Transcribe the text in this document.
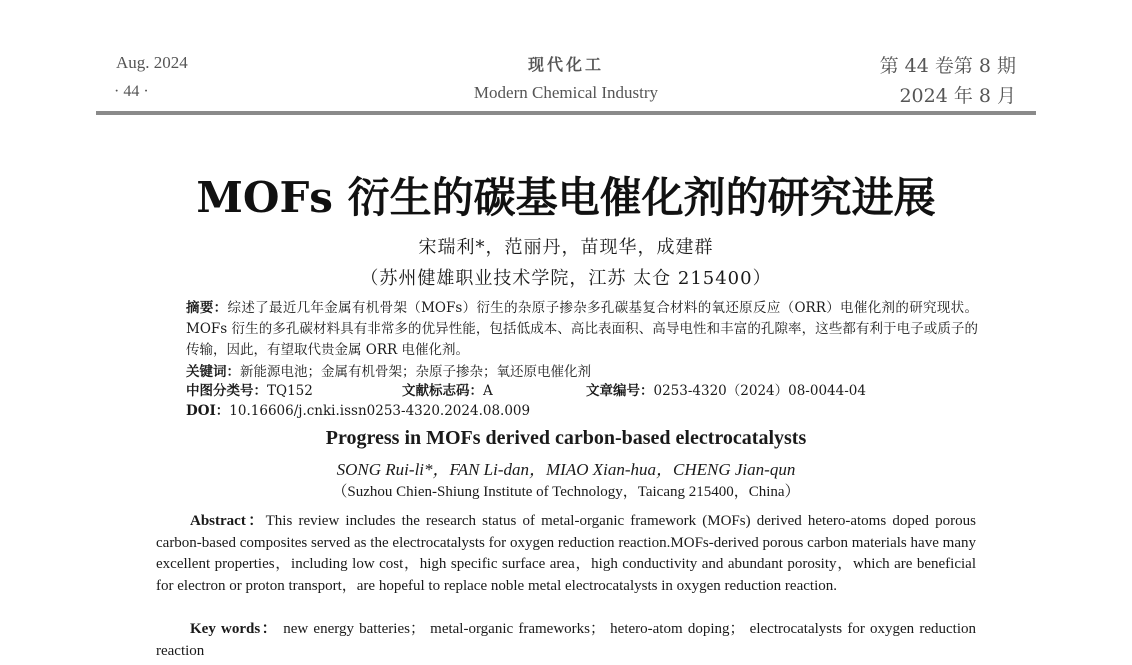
Aug. 2024
· 44 ·
现代化工
Modern Chemical Industry
第 44 卷第 8 期
2024 年 8 月
MOFs 衍生的碳基电催化剂的研究进展
宋瑞利*，范丽丹，苗现华，成建群
（苏州健雄职业技术学院，江苏 太仓 215400）
摘要：综述了最近几年金属有机骨架（MOFs）衍生的杂原子掺杂多孔碳基复合材料的氧还原反应（ORR）电催化剂的研究现状。MOFs 衍生的多孔碳材料具有非常多的优异性能，包括低成本、高比表面积、高导电性和丰富的孔隙率，这些都有利于电子或质子的传输，因此，有望取代贵金属 ORR 电催化剂。
关键词：新能源电池；金属有机骨架；杂原子掺杂；氧还原电催化剂
中图分类号：TQ152	文献标志码：A	文章编号：0253-4320（2024）08-0044-04
DOI：10.16606/j.cnki.issn0253-4320.2024.08.009
Progress in MOFs derived carbon-based electrocatalysts
SONG Rui-li*，FAN Li-dan，MIAO Xian-hua，CHENG Jian-qun
（Suzhou Chien-Shiung Institute of Technology，Taicang 215400，China）
Abstract：This review includes the research status of metal-organic framework (MOFs) derived hetero-atoms doped porous carbon-based composites served as the electrocatalysts for oxygen reduction reaction.MOFs-derived porous carbon materials have many excellent properties，including low cost，high specific surface area，high conductivity and abundant porosity，which are beneficial for electron or proton transport，are hopeful to replace noble metal electrocatalysts in oxygen reduction reaction.
Key words： new energy batteries； metal-organic frameworks； hetero-atom doping； electrocatalysts for oxygen reduction reaction
